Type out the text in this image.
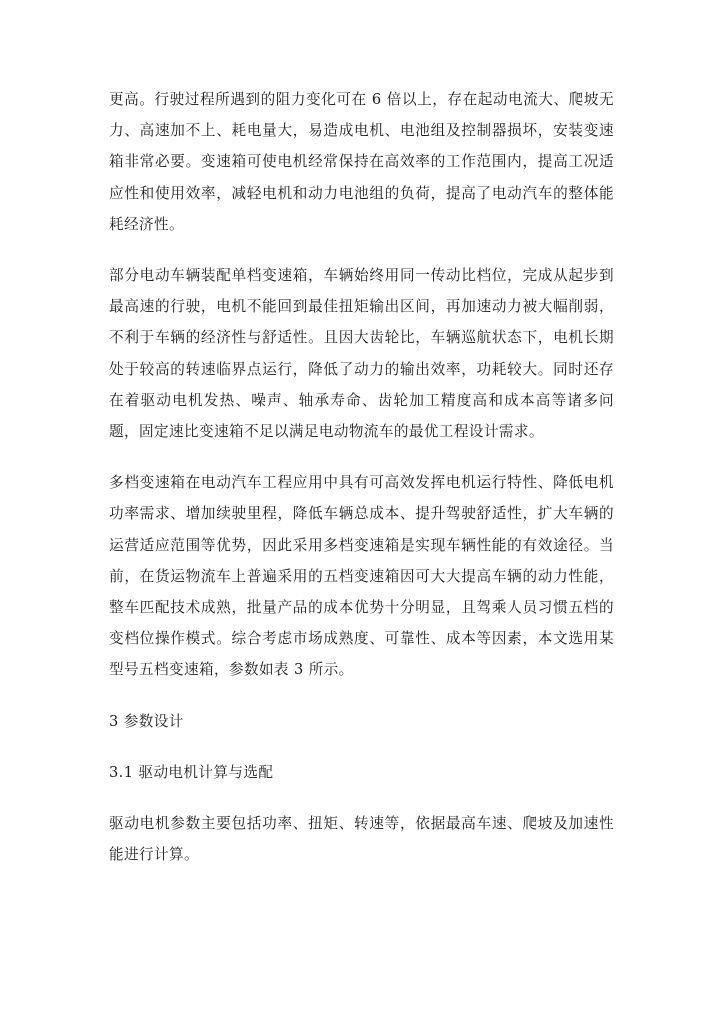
更高。行驶过程所遇到的阻力变化可在 6 倍以上，存在起动电流大、爬坡无力、高速加不上、耗电量大，易造成电机、电池组及控制器损坏，安装变速箱非常必要。变速箱可使电机经常保持在高效率的工作范围内，提高工况适应性和使用效率，减轻电机和动力电池组的负荷，提高了电动汽车的整体能耗经济性。

部分电动车辆装配单档变速箱，车辆始终用同一传动比档位，完成从起步到最高速的行驶，电机不能回到最佳扭矩输出区间，再加速动力被大幅削弱，不利于车辆的经济性与舒适性。且因大齿轮比，车辆巡航状态下，电机长期处于较高的转速临界点运行，降低了动力的输出效率，功耗较大。同时还存在着驱动电机发热、噪声、轴承寿命、齿轮加工精度高和成本高等诸多问题，固定速比变速箱不足以满足电动物流车的最优工程设计需求。

多档变速箱在电动汽车工程应用中具有可高效发挥电机运行特性、降低电机功率需求、增加续驶里程，降低车辆总成本、提升驾驶舒适性，扩大车辆的运营适应范围等优势，因此采用多档变速箱是实现车辆性能的有效途径。当前，在货运物流车上普遍采用的五档变速箱因可大大提高车辆的动力性能，整车匹配技术成熟，批量产品的成本优势十分明显，且驾乘人员习惯五档的变档位操作模式。综合考虑市场成熟度、可靠性、成本等因素，本文选用某型号五档变速箱，参数如表 3 所示。

3 参数设计

3.1 驱动电机计算与选配

驱动电机参数主要包括功率、扭矩、转速等，依据最高车速、爬坡及加速性能进行计算。
